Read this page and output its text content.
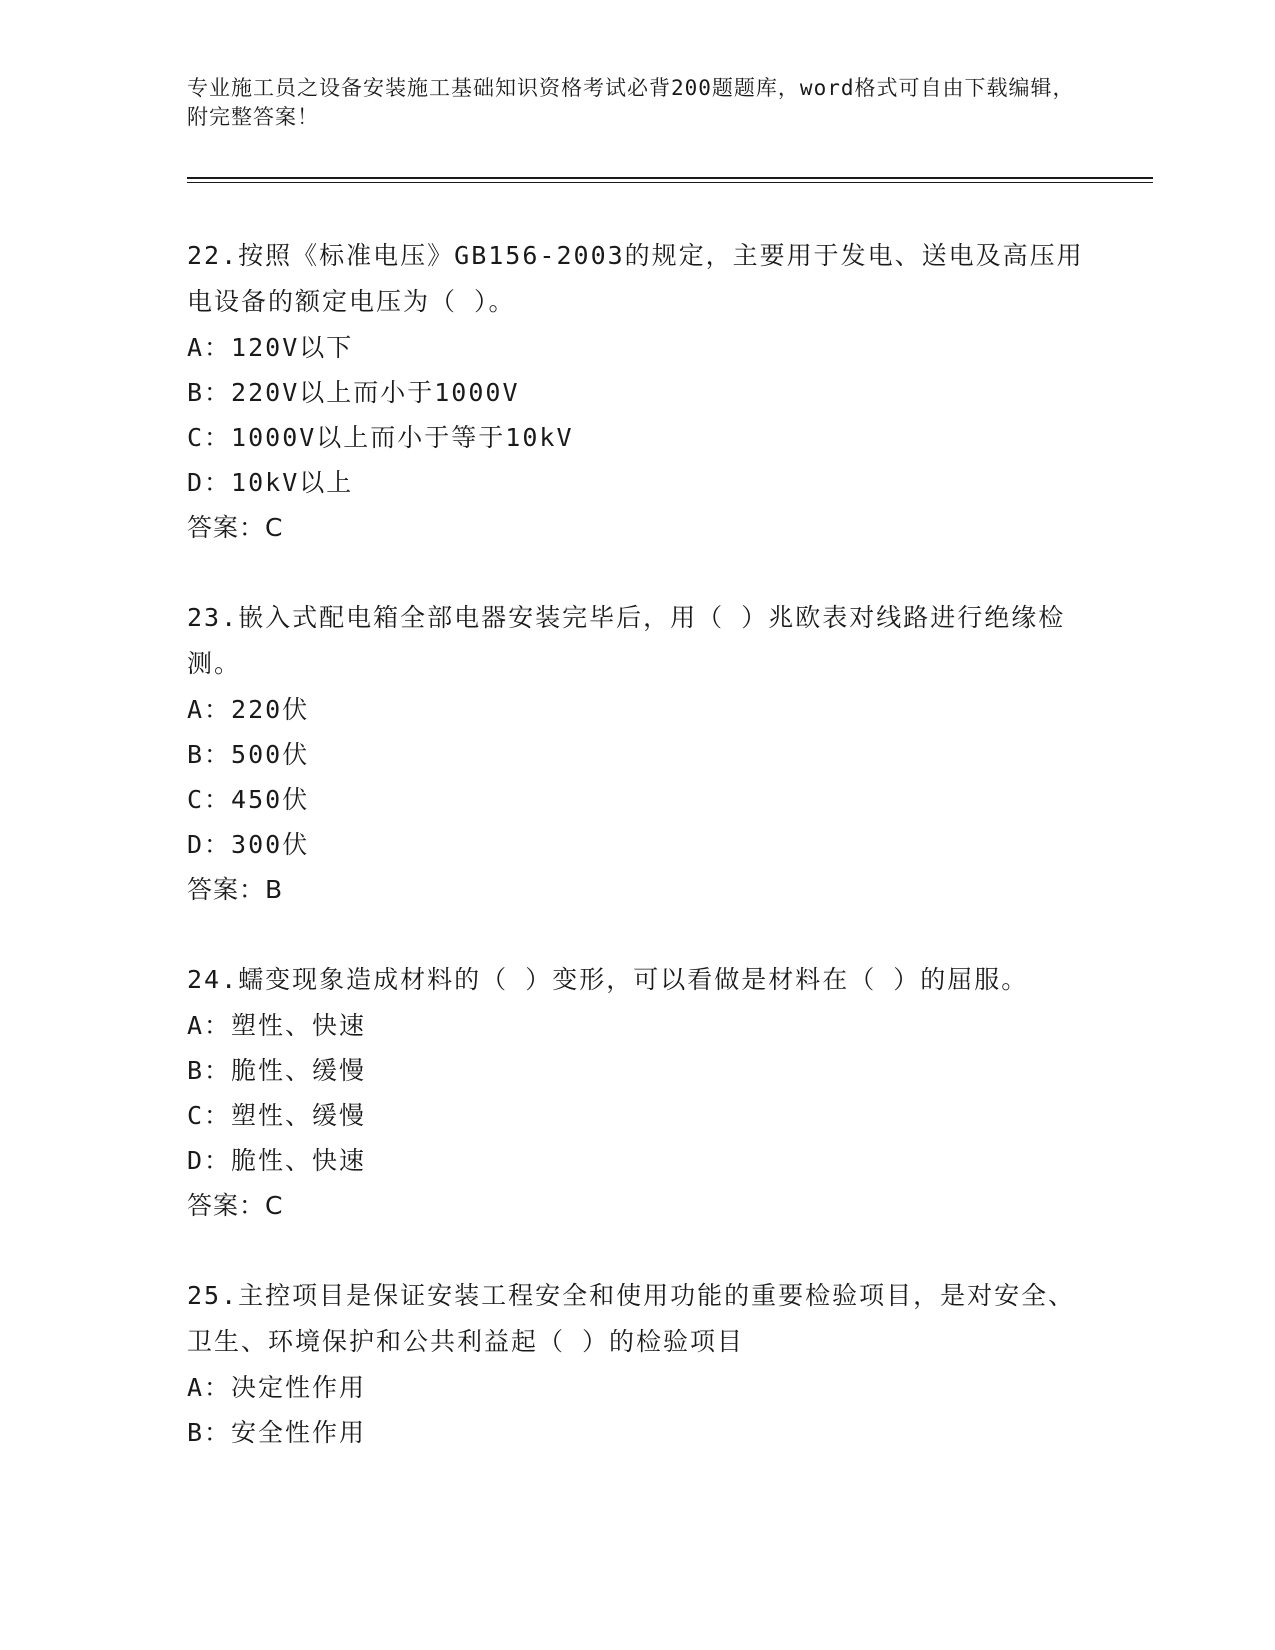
专业施工员之设备安装施工基础知识资格考试必背200题题库，word格式可自由下载编辑，附完整答案！
22.按照《标准电压》GB156-2003的规定，主要用于发电、送电及高压用电设备的额定电压为（ ）。
A：120V以下
B：220V以上而小于1000V
C：1000V以上而小于等于10kV
D：10kV以上
答案：C
23.嵌入式配电箱全部电器安装完毕后，用（ ）兆欧表对线路进行绝缘检测。
A：220伏
B：500伏
C：450伏
D：300伏
答案：B
24.蠕变现象造成材料的（ ）变形，可以看做是材料在（ ）的屈服。
A：塑性、快速
B：脆性、缓慢
C：塑性、缓慢
D：脆性、快速
答案：C
25.主控项目是保证安装工程安全和使用功能的重要检验项目，是对安全、卫生、环境保护和公共利益起（ ）的检验项目
A：决定性作用
B：安全性作用
